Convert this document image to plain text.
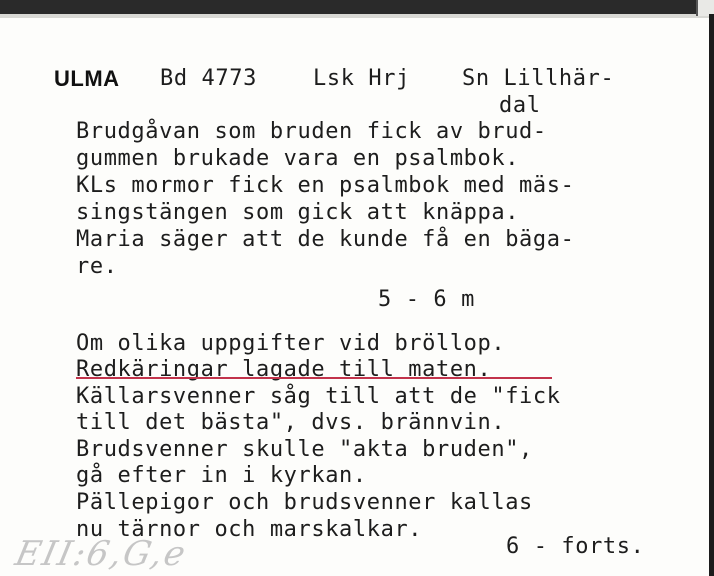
ULMA Bd 4773	Lsk Hrj Sn Lillhär-
dal
Brudgåvan som bruden fick av brud-
gummen brukade vara en psalmbok.
KLs mormor fick en psalmbok med mäs-
singstängen som gick att knäppa.
Maria säger att de kunde få en bäga-
re.
5 - 6 m
Om olika uppgifter vid bröllop.
Redkäringar lagade till maten.
Källarsvenner såg till att de "fick
till det bästa", dvs. brännvin.
Brudsvenner skulle "akta bruden",
gå efter in i kyrkan.
Pällepigor och brudsvenner kallas
nu tärnor och marskalkar.
6 - forts.
EII:6,G,e
